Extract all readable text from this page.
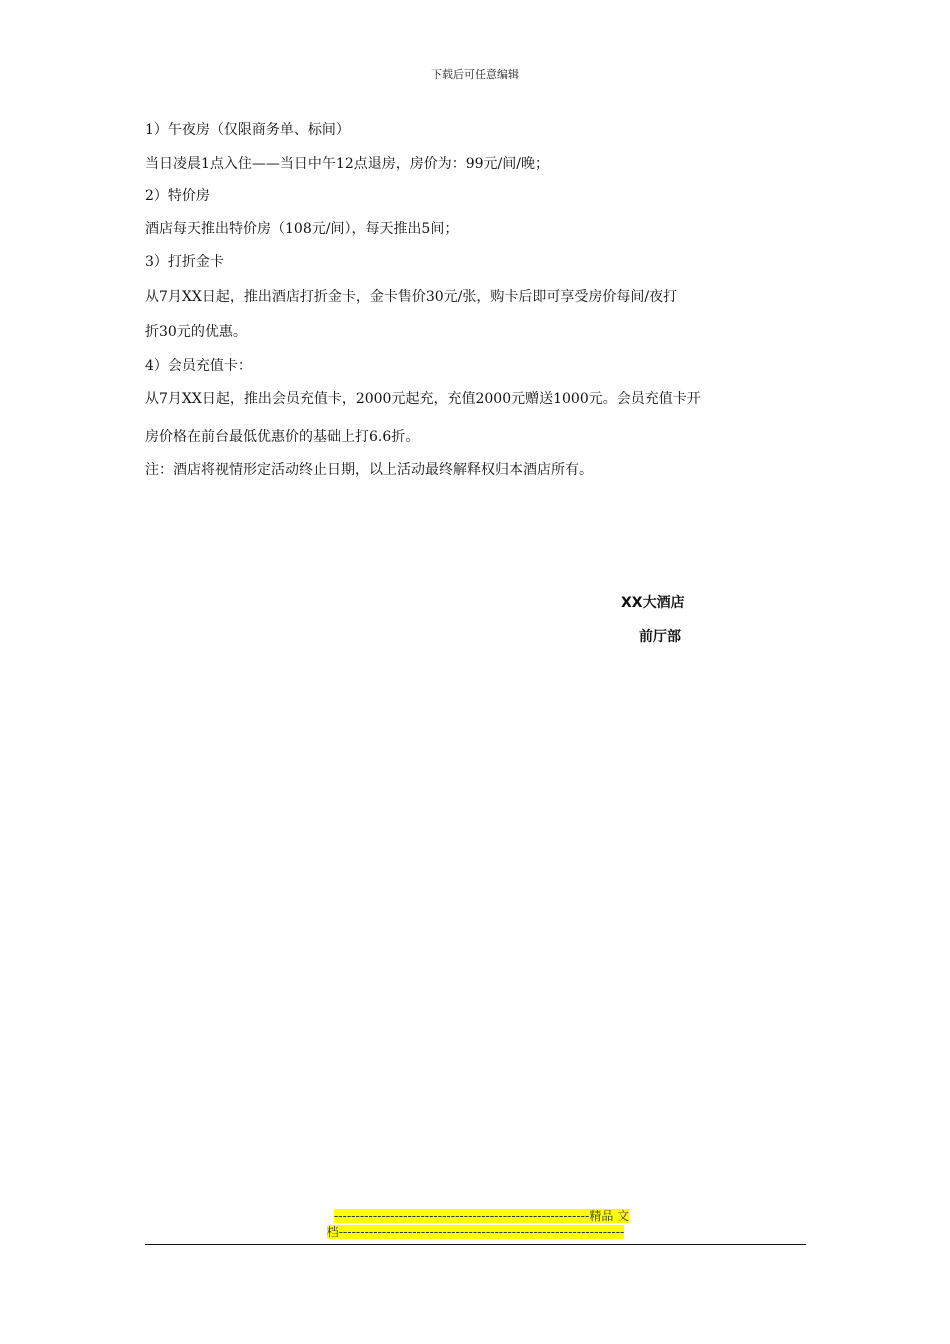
下载后可任意编辑

1）午夜房（仅限商务单、标间）

当日凌晨1点入住——当日中午12点退房，房价为：99元/间/晚；

2）特价房

酒店每天推出特价房（108元/间），每天推出5间；

3）打折金卡

从7月XX日起，推出酒店打折金卡，金卡售价30元/张，购卡后即可享受房价每间/夜打

折30元的优惠。

4）会员充值卡：

从7月XX日起，推出会员充值卡，2000元起充，充值2000元赠送1000元。会员充值卡开

房价格在前台最低优惠价的基础上打6.6折。

注：酒店将视情形定活动终止日期，以上活动最终解释权归本酒店所有。

XX大酒店
前厅部
-----------------------------------------------------------精品 文
档------------------------------------------------------------------
